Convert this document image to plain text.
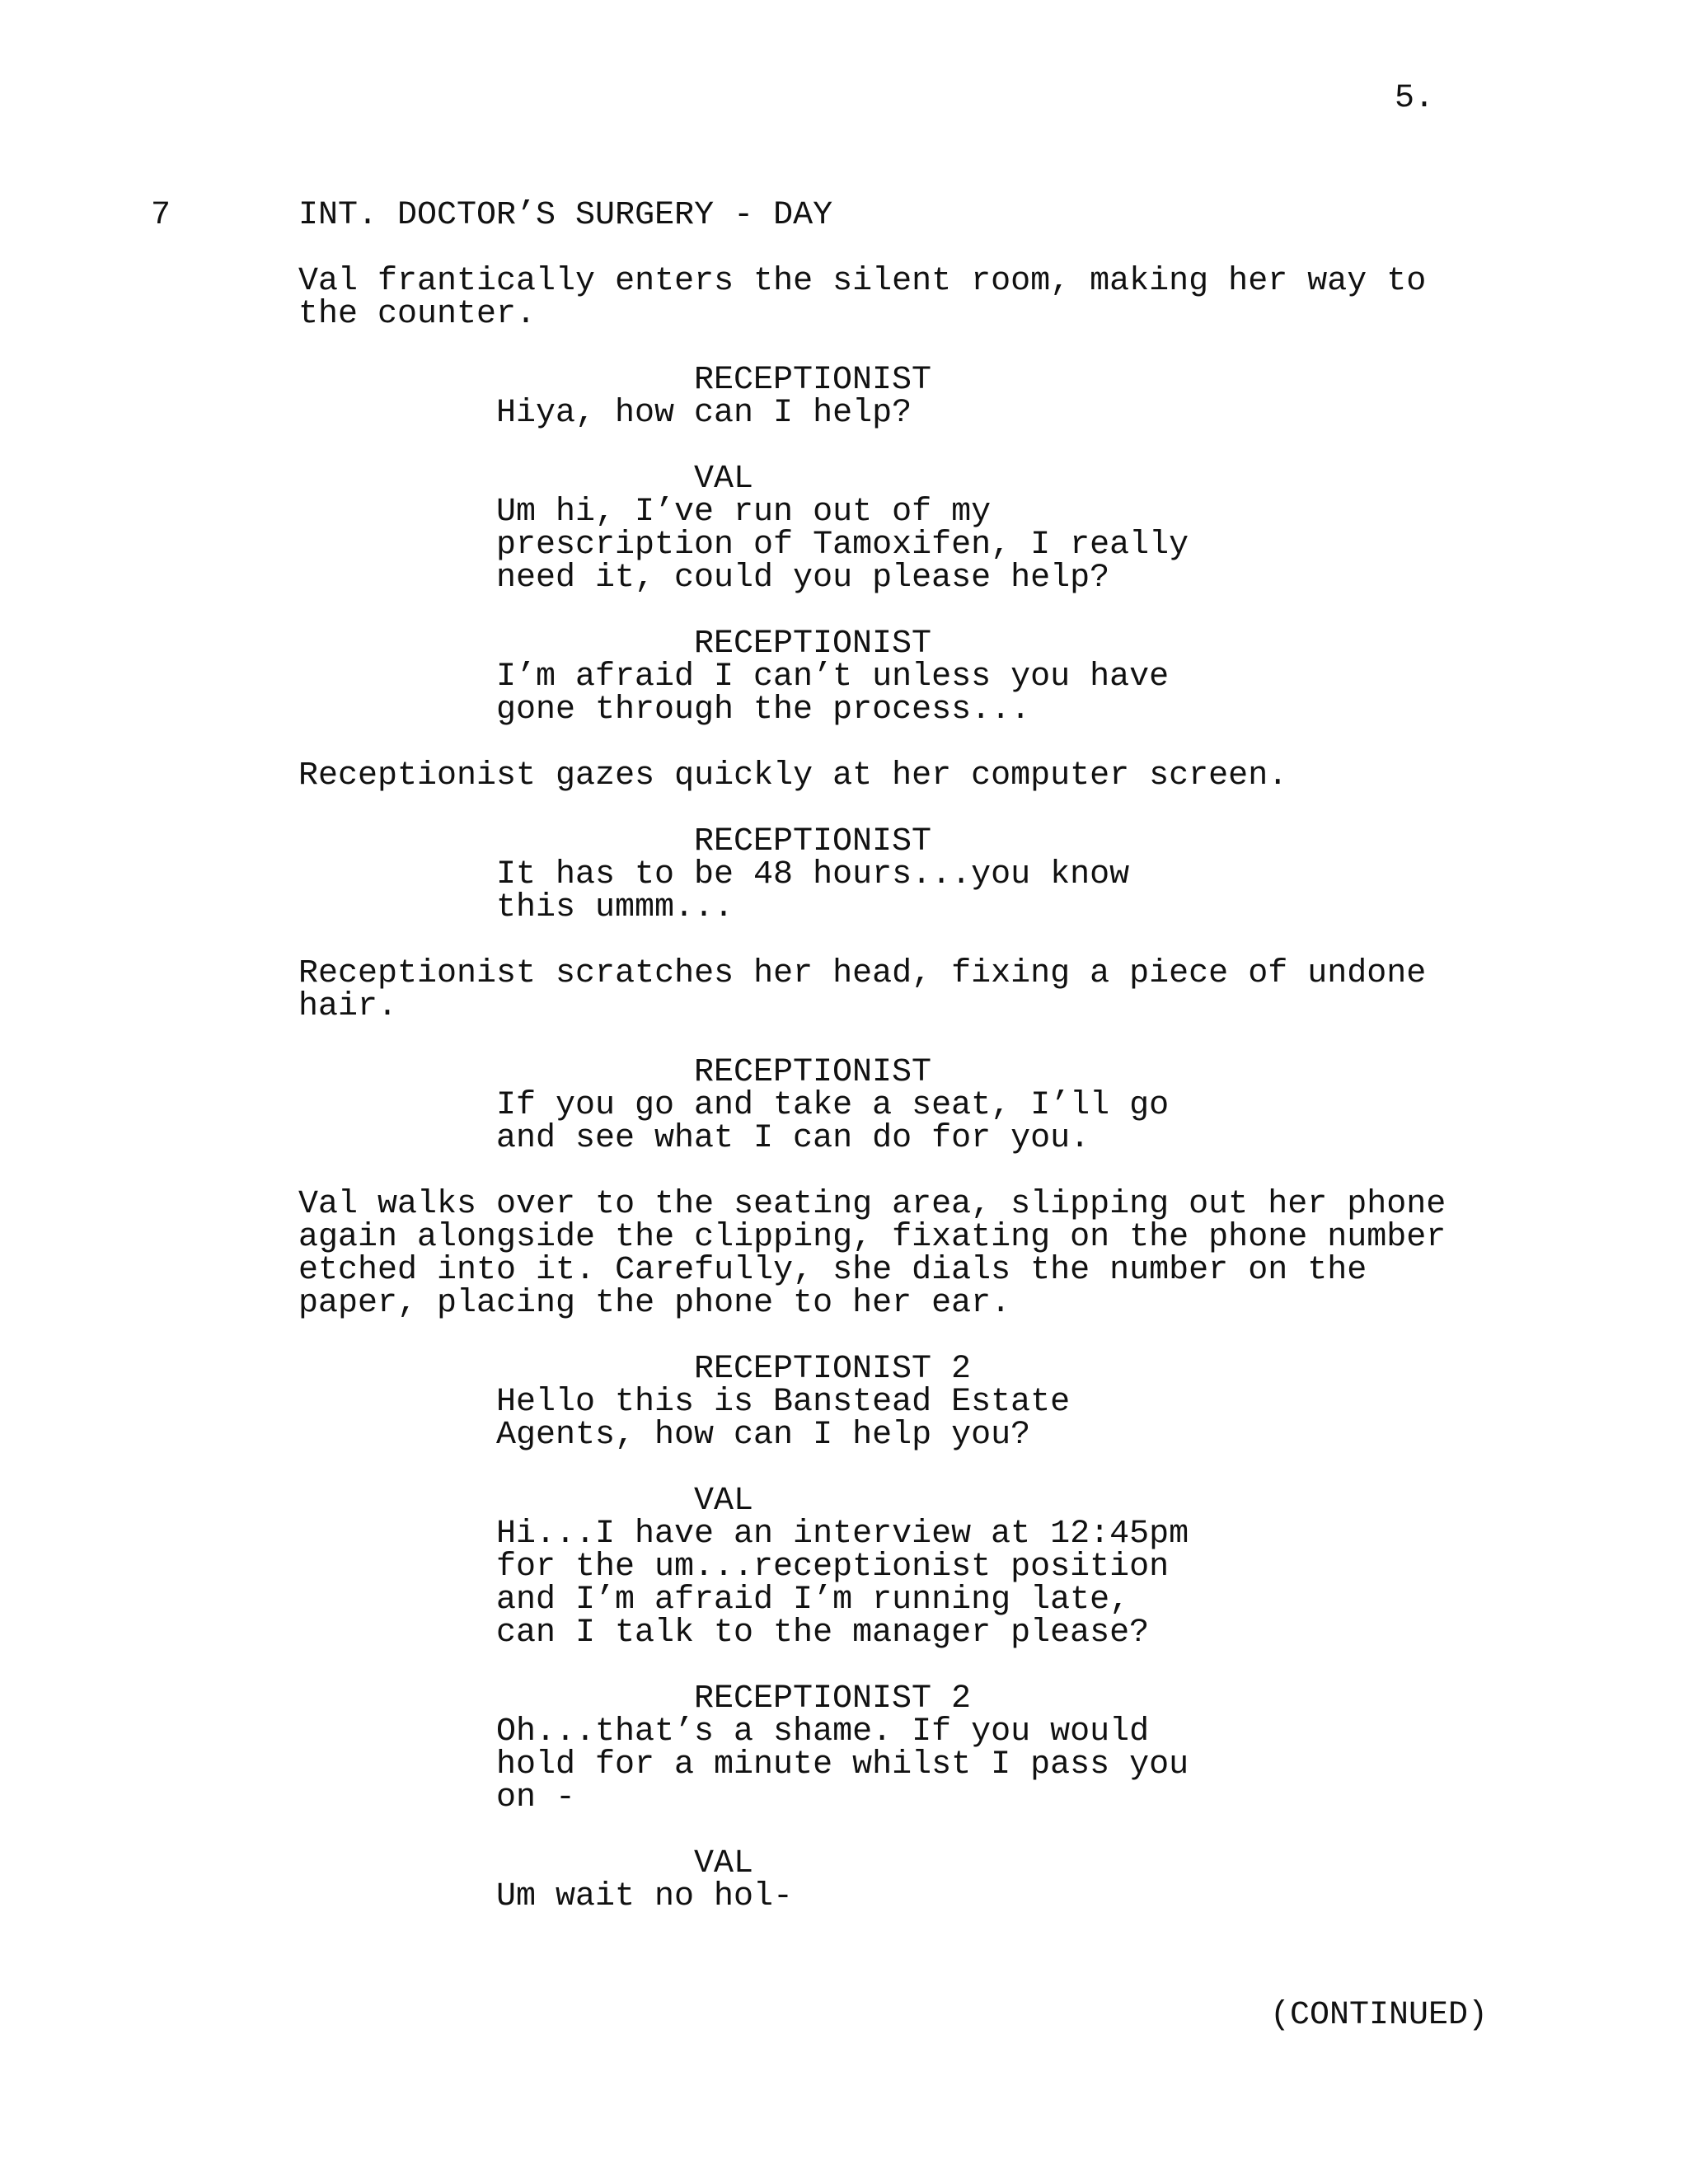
5.
7	INT. DOCTOR’S SURGERY - DAY
Val frantically enters the silent room, making her way to
the counter.
RECEPTIONIST
Hiya, how can I help?
VAL
Um hi, I’ve run out of my
prescription of Tamoxifen, I really
need it, could you please help?
RECEPTIONIST
I’m afraid I can’t unless you have
gone through the process...
Receptionist gazes quickly at her computer screen.
RECEPTIONIST
It has to be 48 hours...you know
this ummm...
Receptionist scratches her head, fixing a piece of undone
hair.
RECEPTIONIST
If you go and take a seat, I’ll go
and see what I can do for you.
Val walks over to the seating area, slipping out her phone
again alongside the clipping, fixating on the phone number
etched into it. Carefully, she dials the number on the
paper, placing the phone to her ear.
RECEPTIONIST 2
Hello this is Banstead Estate
Agents, how can I help you?
VAL
Hi...I have an interview at 12:45pm
for the um...receptionist position
and I’m afraid I’m running late,
can I talk to the manager please?
RECEPTIONIST 2
Oh...that’s a shame. If you would
hold for a minute whilst I pass you
on -
VAL
Um wait no hol-
(CONTINUED)
